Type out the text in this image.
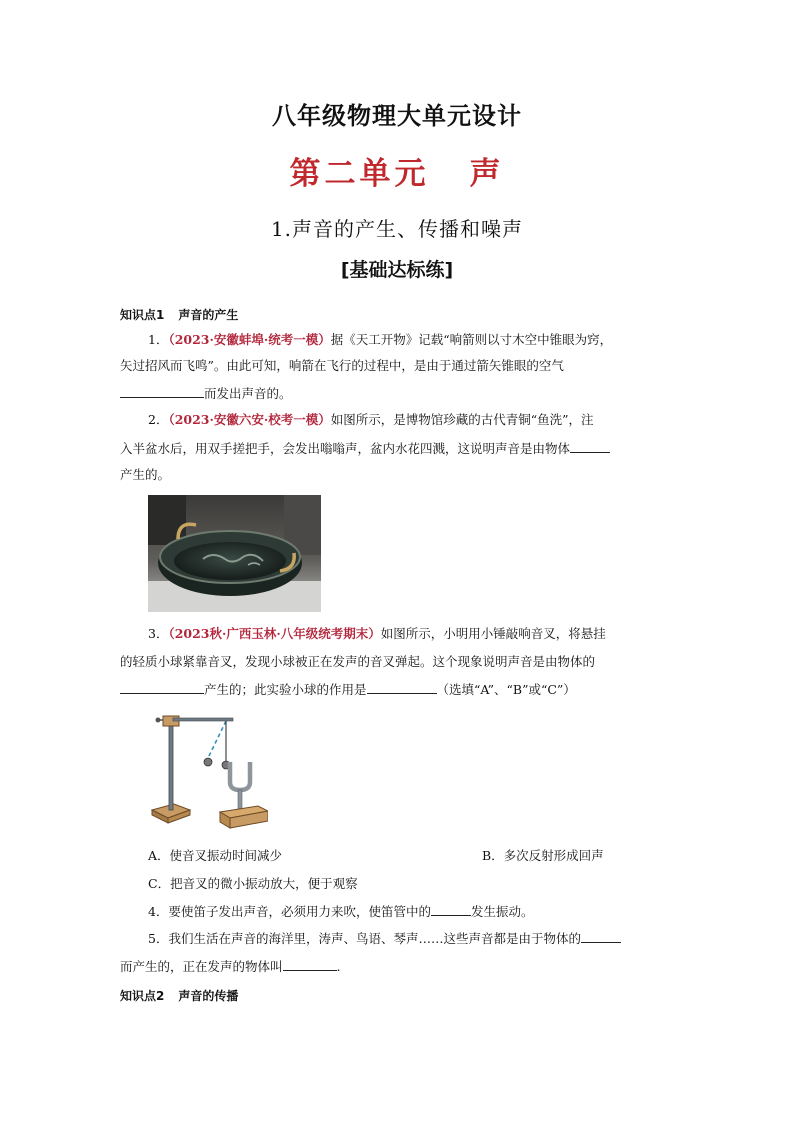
八年级物理大单元设计
第二单元 声
1.声音的产生、传播和噪声
[基础达标练]
知识点1 声音的产生
1．（2023·安徽蚌埠·统考一模）据《天工开物》记载“响箭则以寸木空中锥眼为窍，
矢过招风而飞鸣”。由此可知，响箭在飞行的过程中，是由于通过箭矢锥眼的空气
而发出声音的。
2．（2023·安徽六安·校考一模）如图所示，是博物馆珍藏的古代青铜“鱼洗”，注
入半盆水后，用双手搓把手，会发出嗡嗡声，盆内水花四溅，这说明声音是由物体
产生的。
3．（2023秋·广西玉林·八年级统考期末）如图所示，小明用小锤敲响音叉，将悬挂
的轻质小球紧靠音叉，发现小球被正在发声的音叉弹起。这个现象说明声音是由物体的
产生的；此实验小球的作用是	（选填“A”、“B”或“C”）
A．使音叉振动时间减少	B．多次反射形成回声
C．把音叉的微小振动放大，便于观察
4．要使笛子发出声音，必须用力来吹，使笛管中的	发生振动。
5．我们生活在声音的海洋里，涛声、鸟语、琴声……这些声音都是由于物体的
而产生的，正在发声的物体叫	.
知识点2 声音的传播
